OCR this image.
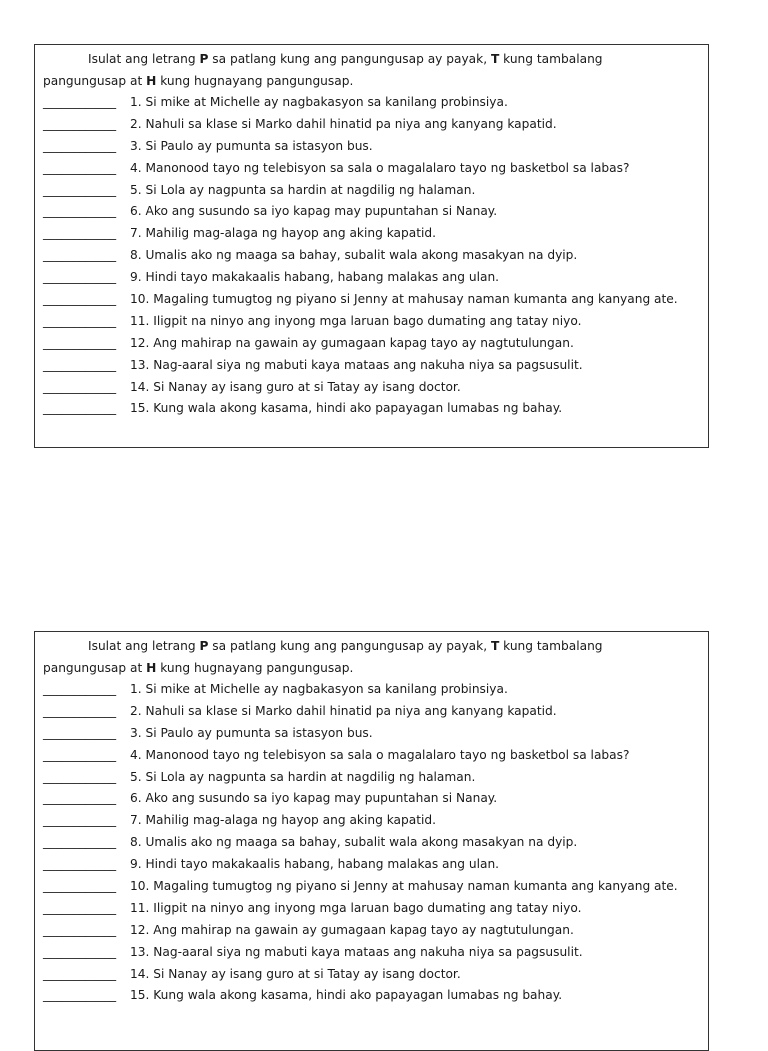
Isulat ang letrang P sa patlang kung ang pangungusap ay payak, T kung tambalang
pangungusap at H kung hugnayang pangungusap.
____________ 1. Si mike at Michelle ay nagbakasyon sa kanilang probinsiya.
____________ 2. Nahuli sa klase si Marko dahil hinatid pa niya ang kanyang kapatid.
____________ 3. Si Paulo ay pumunta sa istasyon bus.
____________ 4. Manonood tayo ng telebisyon sa sala o magalalaro tayo ng basketbol sa labas?
____________ 5. Si Lola ay nagpunta sa hardin at nagdilig ng halaman.
____________ 6. Ako ang susundo sa iyo kapag may pupuntahan si Nanay.
____________ 7. Mahilig mag-alaga ng hayop ang aking kapatid.
____________ 8. Umalis ako ng maaga sa bahay, subalit wala akong masakyan na dyip.
____________ 9. Hindi tayo makakaalis habang, habang malakas ang ulan.
____________ 10. Magaling tumugtog ng piyano si Jenny at mahusay naman kumanta ang kanyang ate.
____________ 11. Iligpit na ninyo ang inyong mga laruan bago dumating ang tatay niyo.
____________ 12. Ang mahirap na gawain ay gumagaan kapag tayo ay nagtutulungan.
____________ 13. Nag-aaral siya ng mabuti kaya mataas ang nakuha niya sa pagsusulit.
____________ 14. Si Nanay ay isang guro at si Tatay ay isang doctor.
____________ 15. Kung wala akong kasama, hindi ako papayagan lumabas ng bahay.
Isulat ang letrang P sa patlang kung ang pangungusap ay payak, T kung tambalang
pangungusap at H kung hugnayang pangungusap.
____________ 1. Si mike at Michelle ay nagbakasyon sa kanilang probinsiya.
____________ 2. Nahuli sa klase si Marko dahil hinatid pa niya ang kanyang kapatid.
____________ 3. Si Paulo ay pumunta sa istasyon bus.
____________ 4. Manonood tayo ng telebisyon sa sala o magalalaro tayo ng basketbol sa labas?
____________ 5. Si Lola ay nagpunta sa hardin at nagdilig ng halaman.
____________ 6. Ako ang susundo sa iyo kapag may pupuntahan si Nanay.
____________ 7. Mahilig mag-alaga ng hayop ang aking kapatid.
____________ 8. Umalis ako ng maaga sa bahay, subalit wala akong masakyan na dyip.
____________ 9. Hindi tayo makakaalis habang, habang malakas ang ulan.
____________ 10. Magaling tumugtog ng piyano si Jenny at mahusay naman kumanta ang kanyang ate.
____________ 11. Iligpit na ninyo ang inyong mga laruan bago dumating ang tatay niyo.
____________ 12. Ang mahirap na gawain ay gumagaan kapag tayo ay nagtutulungan.
____________ 13. Nag-aaral siya ng mabuti kaya mataas ang nakuha niya sa pagsusulit.
____________ 14. Si Nanay ay isang guro at si Tatay ay isang doctor.
____________ 15. Kung wala akong kasama, hindi ako papayagan lumabas ng bahay.
